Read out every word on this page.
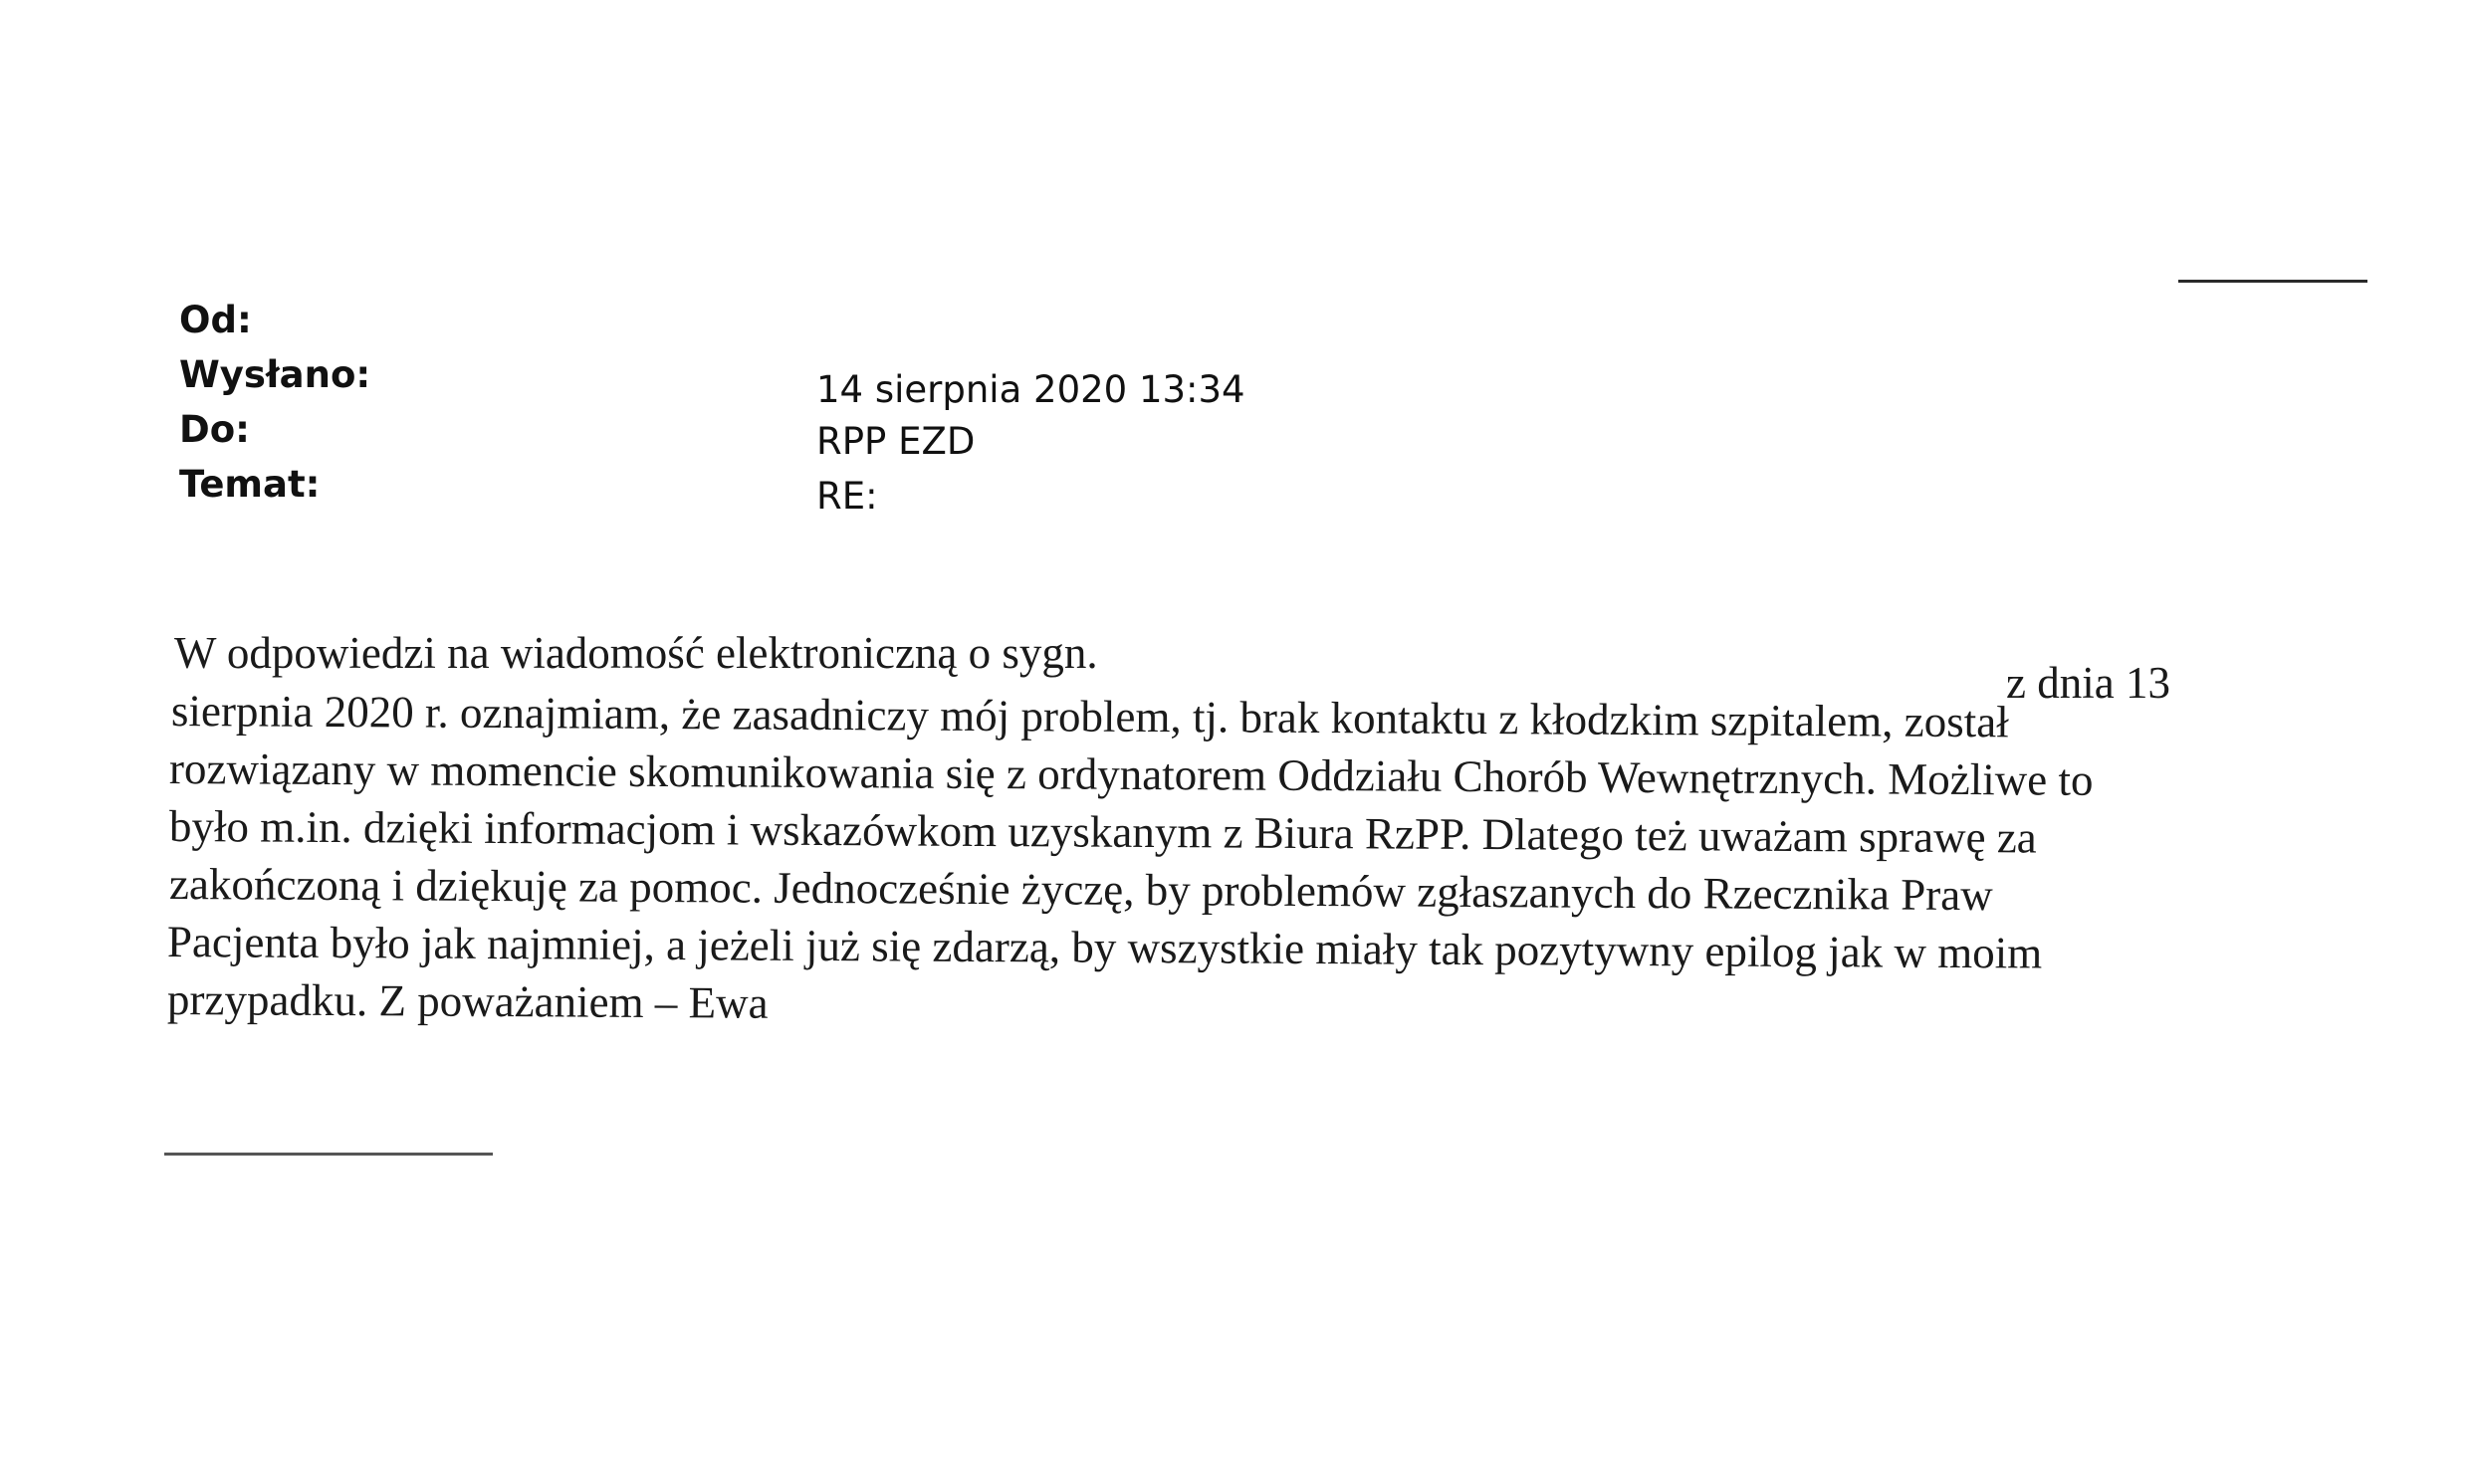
Od:
Wysłano:	14 sierpnia 2020 13:34
Do:	RPP EZD
Temat:	RE:
W odpowiedzi na wiadomość elektroniczną o sygn.
z dnia 13
sierpnia 2020 r. oznajmiam, że zasadniczy mój problem, tj. brak kontaktu z kłodzkim szpitalem, został
rozwiązany w momencie skomunikowania się z ordynatorem Oddziału Chorób Wewnętrznych. Możliwe to
było m.in. dzięki informacjom i wskazówkom uzyskanym z Biura RzPP. Dlatego też uważam sprawę za
zakończoną i dziękuję za pomoc. Jednocześnie życzę, by problemów zgłaszanych do Rzecznika Praw
Pacjenta było jak najmniej, a jeżeli już się zdarzą, by wszystkie miały tak pozytywny epilog jak w moim
przypadku. Z poważaniem – Ewa
